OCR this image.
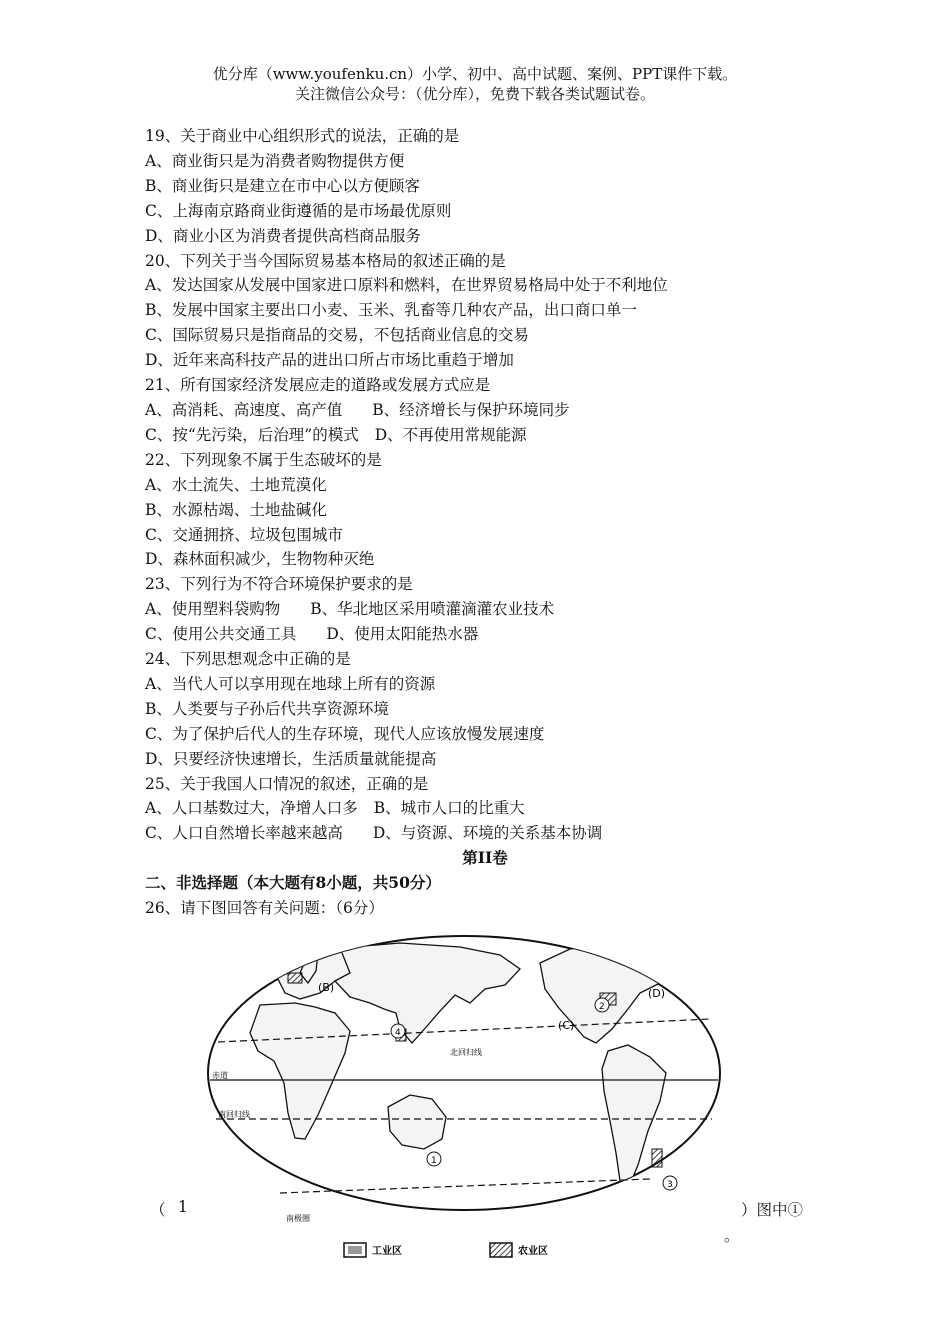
优分库（www.youfenku.cn）小学、初中、高中试题、案例、PPT课件下载。
关注微信公众号：（优分库），免费下载各类试题试卷。
19、关于商业中心组织形式的说法，正确的是
A、商业街只是为消费者购物提供方便
B、商业街只是建立在市中心以方便顾客
C、上海南京路商业街遵循的是市场最优原则
D、商业小区为消费者提供高档商品服务
20、下列关于当今国际贸易基本格局的叙述正确的是
A、发达国家从发展中国家进口原料和燃料，在世界贸易格局中处于不利地位
B、发展中国家主要出口小麦、玉米、乳畜等几种农产品，出口商口单一
C、国际贸易只是指商品的交易，不包括商业信息的交易
D、近年来高科技产品的进出口所占市场比重趋于增加
21、所有国家经济发展应走的道路或发展方式应是
A、高消耗、高速度、高产值 B、经济增长与保护环境同步
C、按“先污染，后治理”的模式 D、不再使用常规能源
22、下列现象不属于生态破坏的是
A、水土流失、土地荒漠化
B、水源枯竭、土地盐碱化
C、交通拥挤、垃圾包围城市
D、森林面积减少，生物物种灭绝
23、下列行为不符合环境保护要求的是
A、使用塑料袋购物 B、华北地区采用喷灌滴灌农业技术
C、使用公共交通工具 D、使用太阳能热水器
24、下列思想观念中正确的是
A、当代人可以享用现在地球上所有的资源
B、人类要与子孙后代共享资源环境
C、为了保护后代人的生存环境，现代人应该放慢发展速度
D、只要经济快速增长，生活质量就能提高
25、关于我国人口情况的叙述，正确的是
A、人口基数过大，净增人口多 B、城市人口的比重大
C、人口自然增长率越来越高 D、与资源、环境的关系基本协调
第II卷
二、非选择题（本大题有8小题，共50分）
26、请下图回答有关问题：（6分）
（ 1	）图中①
。
北回归线
赤道
南回归线
南极圈
(B)
(C)
(D)
1
2
3
4
工业区	农业区
